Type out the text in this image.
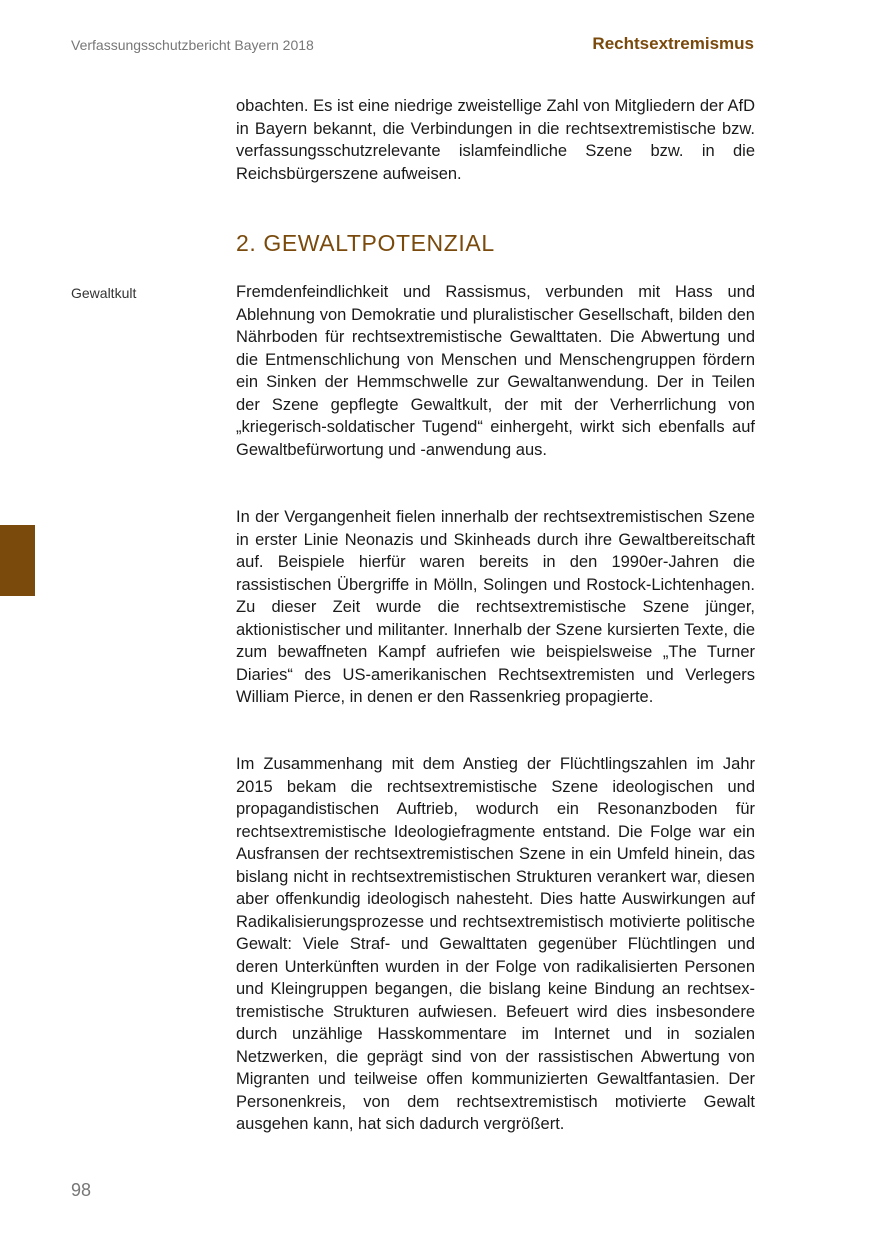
Verfassungsschutzbericht Bayern 2018	Rechtsextremismus

obachten. Es ist eine niedrige zweistellige Zahl von Mitgliedern der AfD in Bayern bekannt, die Verbindungen in die rechtsextremistische bzw. verfassungsschutzrelevante islamfeindliche Szene bzw. in die Reichsbürgerszene aufweisen.

2. GEWALTPOTENZIAL
Gewaltkult	Fremdenfeindlichkeit und Rassismus, verbunden mit Hass und Ablehnung von Demokratie und pluralistischer Gesellschaft, bilden den Nährboden für rechtsextremistische Gewalttaten. Die Abwertung und die Entmenschlichung von Menschen und Menschengruppen fördern ein Sinken der Hemmschwelle zur Gewaltanwendung. Der in Teilen der Szene gepflegte Gewaltkult, der mit der Verherrlichung von „kriegerisch-soldatischer Tugend“ einhergeht, wirkt sich ebenfalls auf Gewaltbefürwortung und -anwendung aus.

In der Vergangenheit fielen innerhalb der rechtsextremistischen Szene in erster Linie Neonazis und Skinheads durch ihre Gewaltbereitschaft auf. Beispiele hierfür waren bereits in den 1990er-Jahren die rassistischen Übergriffe in Mölln, Solingen und Rostock-Lichtenhagen. Zu dieser Zeit wurde die rechtsextremistische Szene jünger, aktionistischer und militanter. Innerhalb der Szene kursierten Texte, die zum bewaffneten Kampf aufriefen wie beispielsweise „The Turner Diaries“ des US-amerikanischen Rechtsextremisten und Verlegers William Pierce, in denen er den Rassenkrieg propagierte.

Im Zusammenhang mit dem Anstieg der Flüchtlingszahlen im Jahr 2015 bekam die rechtsextremistische Szene ideologischen und propagandistischen Auftrieb, wodurch ein Resonanzboden für rechtsextremistische Ideologiefragmente entstand. Die Folge war ein Ausfransen der rechtsextremistischen Szene in ein Umfeld hinein, das bislang nicht in rechtsextremistischen Strukturen verankert war, diesen aber offenkundig ideologisch nahesteht. Dies hatte Auswirkungen auf Radikalisierungsprozesse und rechtsextremistisch motivierte politische Gewalt: Viele Straf- und Gewalttaten gegenüber Flüchtlingen und deren Unterkünften wurden in der Folge von radikalisierten Personen und Kleingruppen begangen, die bislang keine Bindung an rechtsextremistische Strukturen aufwiesen. Befeuert wird dies insbesondere durch unzählige Hasskommentare im Internet und in sozialen Netzwerken, die geprägt sind von der rassistischen Abwertung von Migranten und teilweise offen kommunizierten Gewaltfantasien. Der Personenkreis, von dem rechtsextremistisch motivierte Gewalt ausgehen kann, hat sich dadurch vergrößert.

98
